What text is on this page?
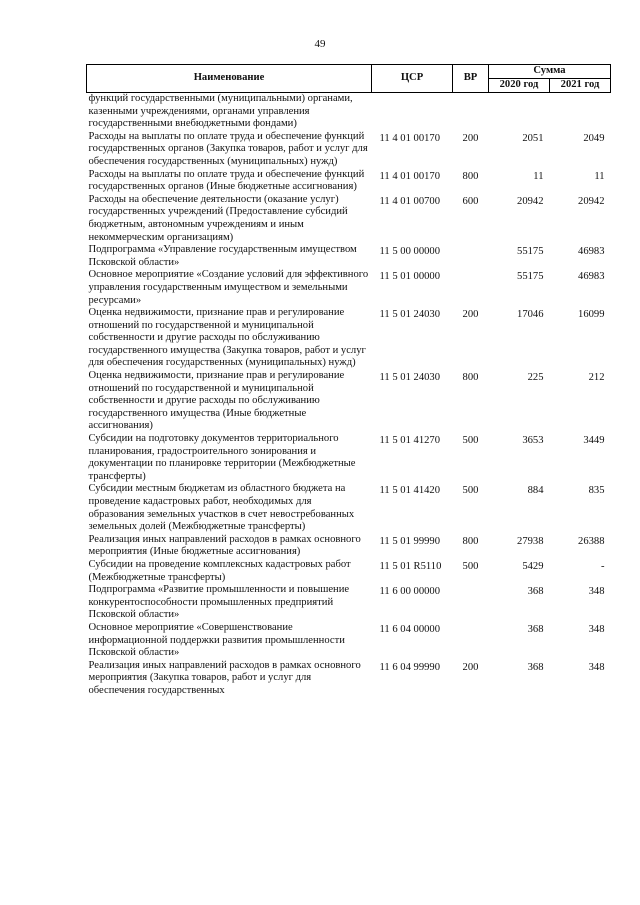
49
Наименование	ЦСР	ВР	Сумма	
			2020 год	2021 год
функций государственными (муниципальными) органами, казенными учреждениями, органами управления государственными внебюджетными фондами)				
Расходы на выплаты по оплате труда и обеспечение функций государственных органов (Закупка товаров, работ и услуг для обеспечения государственных (муниципальных) нужд)	11 4 01 00170	200	2051	2049
Расходы на выплаты по оплате труда и обеспечение функций государственных органов (Иные бюджетные ассигнования)	11 4 01 00170	800	11	11
Расходы на обеспечение деятельности (оказание услуг) государственных учреждений (Предоставление субсидий бюджетным, автономным учреждениям и иным некоммерческим организациям)	11 4 01 00700	600	20942	20942
Подпрограмма «Управление государственным имуществом Псковской области»	11 5 00 00000		55175	46983
Основное мероприятие «Создание условий для эффективного управления государственным имуществом и земельными ресурсами»	11 5 01 00000		55175	46983
Оценка недвижимости, признание прав и регулирование отношений по государственной и муниципальной собственности и другие расходы по обслуживанию государственного имущества (Закупка товаров, работ и услуг для обеспечения государственных (муниципальных) нужд)	11 5 01 24030	200	17046	16099
Оценка недвижимости, признание прав и регулирование отношений по государственной и муниципальной собственности и другие расходы по обслуживанию государственного имущества (Иные бюджетные ассигнования)	11 5 01 24030	800	225	212
Субсидии на подготовку документов территориального планирования, градостроительного зонирования и документации по планировке территории (Межбюджетные трансферты)	11 5 01 41270	500	3653	3449
Субсидии местным бюджетам из областного бюджета на проведение кадастровых работ, необходимых для образования земельных участков в счет невостребованных земельных долей (Межбюджетные трансферты)	11 5 01 41420	500	884	835
Реализация иных направлений расходов в рамках основного мероприятия (Иные бюджетные ассигнования)	11 5 01 99990	800	27938	26388
Субсидии на проведение комплексных кадастровых работ (Межбюджетные трансферты)	11 5 01 R5110	500	5429	-
Подпрограмма «Развитие промышленности и повышение конкурентоспособности промышленных предприятий Псковской области»	11 6 00 00000		368	348
Основное мероприятие «Совершенствование информационной поддержки развития промышленности Псковской области»	11 6 04 00000		368	348
Реализация иных направлений расходов в рамках основного мероприятия (Закупка товаров, работ и услуг для обеспечения государственных	11 6 04 99990	200	368	348
